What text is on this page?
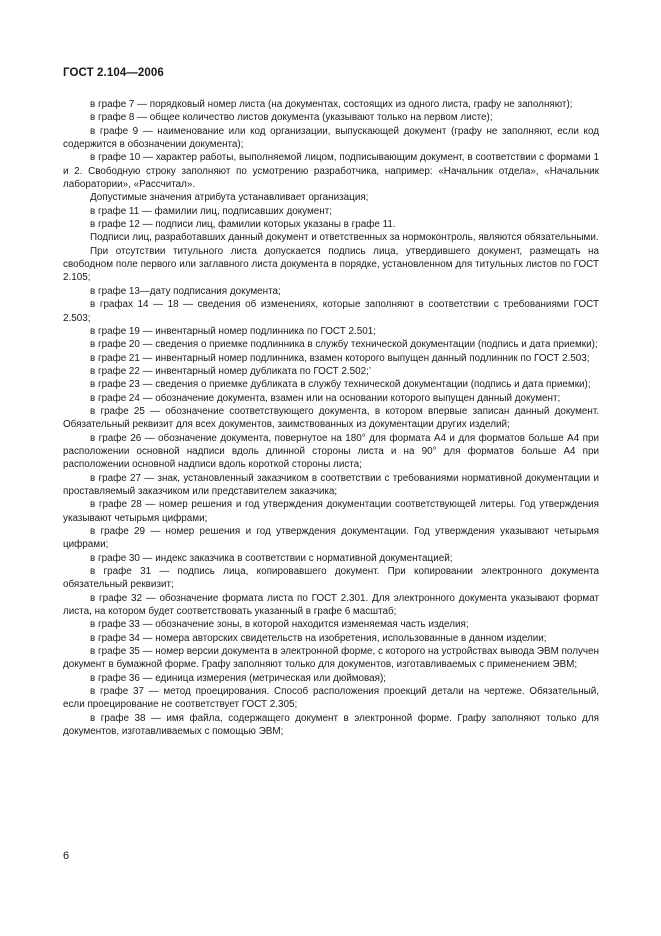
ГОСТ 2.104—2006

в графе 7 — порядковый номер листа (на документах, состоящих из одного листа, графу не заполняют);

в графе 8 — общее количество листов документа (указывают только на первом листе);

в графе 9 — наименование или код организации, выпускающей документ (графу не заполняют, если код содержится в обозначении документа);

в графе 10 — характер работы, выполняемой лицом, подписывающим документ, в соответствии с формами 1 и 2. Свободную строку заполняют по усмотрению разработчика, например: «Начальник отдела», «Начальник лаборатории», «Рассчитал».

Допустимые значения атрибута устанавливает организация;

в графе 11 — фамилии лиц, подписавших документ;

в графе 12 — подписи лиц, фамилии которых указаны в графе 11.

Подписи лиц, разработавших данный документ и ответственных за нормоконтроль, являются обязательными.

При отсутствии титульного листа допускается подпись лица, утвердившего документ, размещать на свободном поле первого или заглавного листа документа в порядке, установленном для титульных листов по ГОСТ 2.105;

в графе 13—дату подписания документа;

в графах 14 — 18 — сведения об изменениях, которые заполняют в соответствии с требованиями ГОСТ 2.503;

в графе 19 — инвентарный номер подлинника по ГОСТ 2.501;

в графе 20 — сведения о приемке подлинника в службу технической документации (подпись и дата приемки);

в графе 21 — инвентарный номер подлинника, взамен которого выпущен данный подлинник по ГОСТ 2.503;

в графе 22 — инвентарный номер дубликата по ГОСТ 2.502;’

в графе 23 — сведения о приемке дубликата в службу технической документации (подпись и дата приемки);

в графе 24 — обозначение документа, взамен или на основании которого выпущен данный документ;

в графе 25 — обозначение соответствующего документа, в котором впервые записан данный документ. Обязательный реквизит для всех документов, заимствованных из документации других изделий;

в графе 26 — обозначение документа, повернутое на 180° для формата А4 и для форматов больше А4 при расположении основной надписи вдоль длинной стороны листа и на 90° для форматов больше А4 при расположении основной надписи вдоль короткой стороны листа;

в графе 27 — знак, установленный заказчиком в соответствии с требованиями нормативной документации и проставляемый заказчиком или представителем заказчика;

в графе 28 — номер решения и год утверждения документации соответствующей литеры. Год утверждения указывают четырьмя цифрами;

в графе 29 — номер решения и год утверждения документации. Год утверждения указывают четырьмя цифрами;

в графе 30 — индекс заказчика в соответствии с нормативной документацией;

в графе 31 — подпись лица, копировавшего документ. При копировании электронного документа обязательный реквизит;

в графе 32 — обозначение формата листа по ГОСТ 2.301. Для электронного документа указывают формат листа, на котором будет соответствовать указанный в графе 6 масштаб;

в графе 33 — обозначение зоны, в которой находится изменяемая часть изделия;

в графе 34 — номера авторских свидетельств на изобретения, использованные в данном изделии;

в графе 35 — номер версии документа в электронной форме, с которого на устройствах вывода ЭВМ получен документ в бумажной форме. Графу заполняют только для документов, изготавливаемых с применением ЭВМ;

в графе 36 — единица измерения (метрическая или дюймовая);

в графе 37 — метод проецирования. Способ расположения проекций детали на чертеже. Обязательный, если проецирование не соответствует ГОСТ 2.305;

в графе 38 — имя файла, содержащего документ в электронной форме. Графу заполняют только для документов, изготавливаемых с помощью ЭВМ;

6
